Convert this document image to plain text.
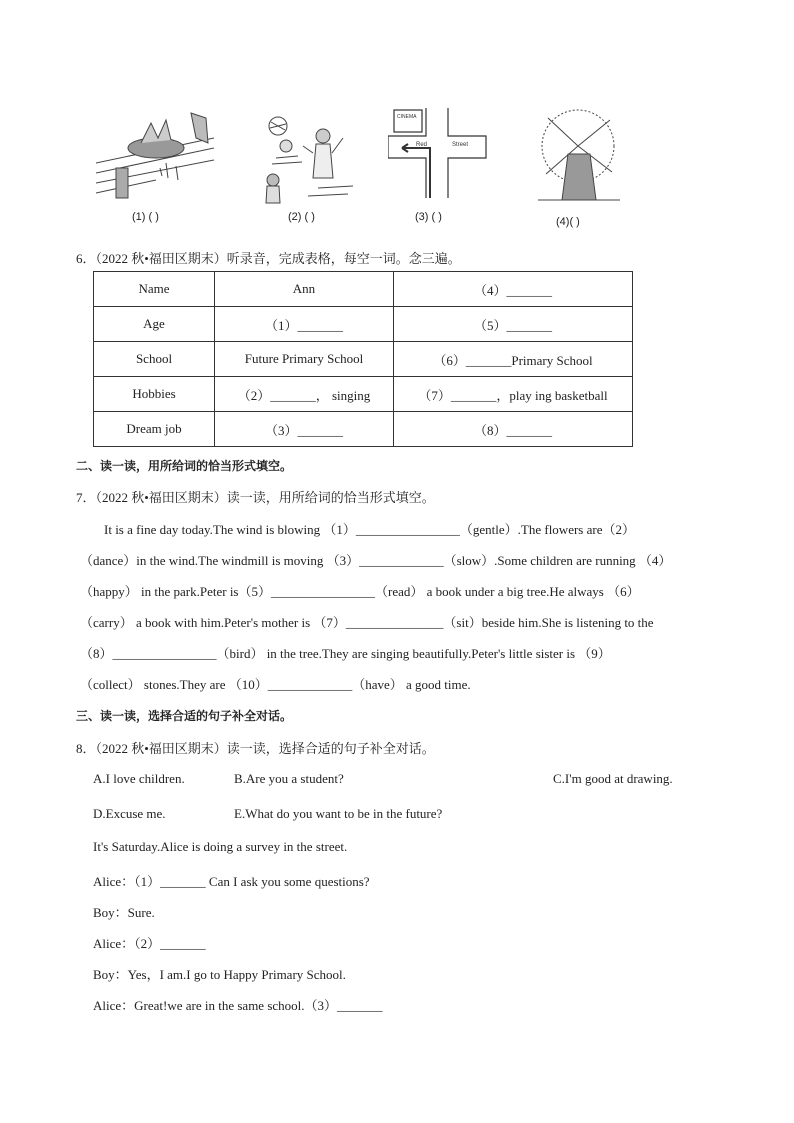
(1) ( )	(2) ( )
CINEMA
Red	Street
(3) ( )	(4)( )
6．（2022 秋•福田区期末）听录音，完成表格，每空一词。念三遍。
Name	Ann	（4）_______
Age	（1）_______	（5）_______
School	Future Primary School	（6）_______Primary School
Hobbies	（2）_______， singing	（7）_______，play ing basketball
Dream job	（3）_______	（8）_______
二、读一读，用所给词的恰当形式填空。
7．（2022 秋•福田区期末）读一读，用所给词的恰当形式填空。
It is a fine day today.The wind is blowing （1）________________（gentle）.The flowers are（2）
（dance）in the wind.The windmill is moving （3）_____________（slow）.Some children are running （4）
（happy） in the park.Peter is（5）________________（read） a book under a big tree.He always （6）
（carry） a book with him.Peter's mother is （7）_______________（sit）beside him.She is listening to the
（8）________________（bird） in the tree.They are singing beautifully.Peter's little sister is （9）
（collect） stones.They are （10）_____________（have） a good time.
三、读一读，选择合适的句子补全对话。
8．（2022 秋•福田区期末）读一读，选择合适的句子补全对话。
A.I love children.	B.Are you a student?	C.I'm good at drawing.
D.Excuse me.	E.What do you want to be in the future?
It's Saturday.Alice is doing a survey in the street.
Alice：（1）_______ Can I ask you some questions?
Boy：Sure.
Alice：（2）_______
Boy：Yes，I am.I go to Happy Primary School.
Alice：Great!we are in the same school.（3）_______
